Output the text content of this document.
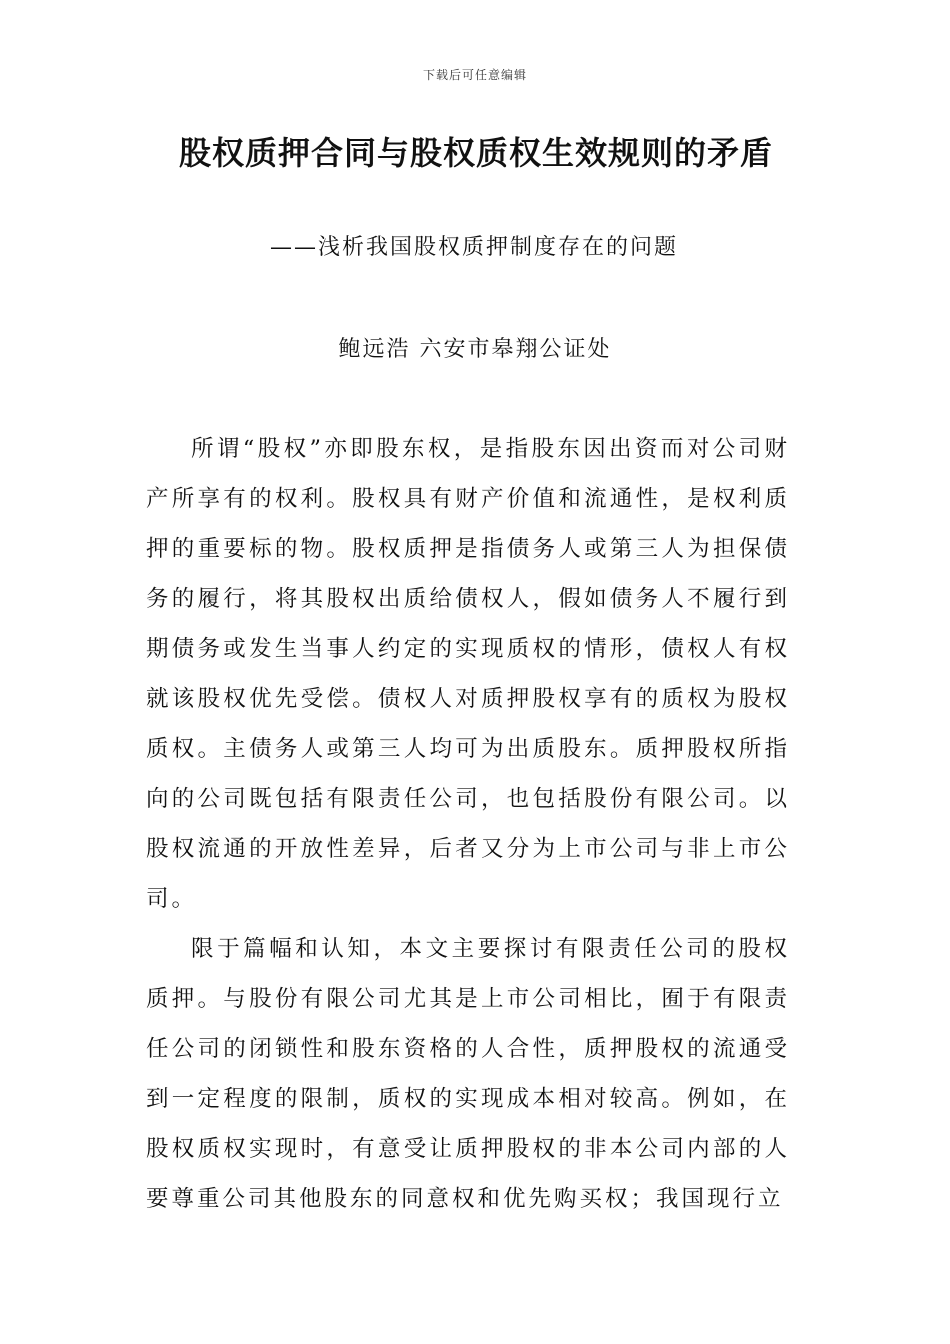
下载后可任意编辑
股权质押合同与股权质权生效规则的矛盾
——浅析我国股权质押制度存在的问题
鲍远浩 六安市皋翔公证处

所谓“股权”亦即股东权，是指股东因出资而对公司财产所享有的权利。股权具有财产价值和流通性，是权利质押的重要标的物。股权质押是指债务人或第三人为担保债务的履行，将其股权出质给债权人，假如债务人不履行到期债务或发生当事人约定的实现质权的情形，债权人有权就该股权优先受偿。债权人对质押股权享有的质权为股权质权。主债务人或第三人均可为出质股东。质押股权所指向的公司既包括有限责任公司，也包括股份有限公司。以股权流通的开放性差异，后者又分为上市公司与非上市公司。

限于篇幅和认知，本文主要探讨有限责任公司的股权质押。与股份有限公司尤其是上市公司相比，囿于有限责任公司的闭锁性和股东资格的人合性，质押股权的流通受到一定程度的限制，质权的实现成本相对较高。例如，在股权质权实现时，有意受让质押股权的非本公司内部的人要尊重公司其他股东的同意权和优先购买权；我国现行立
